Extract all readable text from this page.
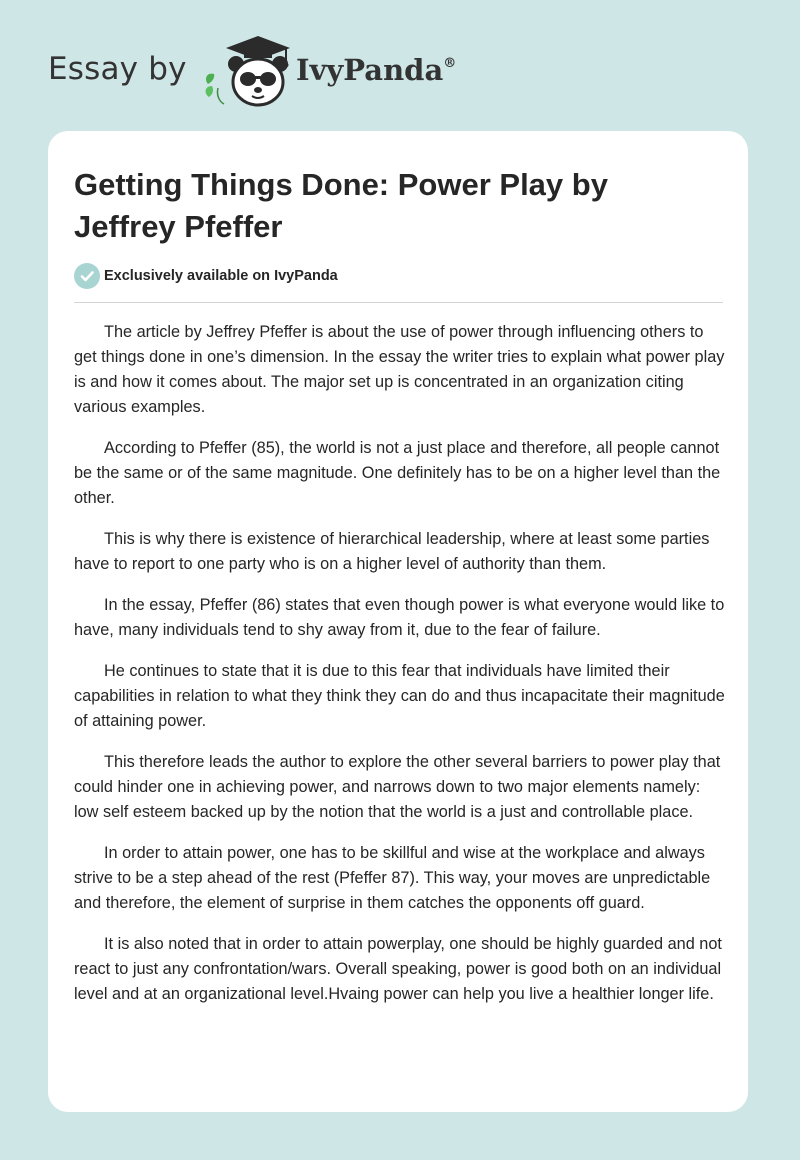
Essay by	IvyPanda®
Getting Things Done: Power Play by Jeffrey Pfeffer
Exclusively available on IvyPanda

The article by Jeffrey Pfeffer is about the use of power through influencing others to get things done in one’s dimension. In the essay the writer tries to explain what power play is and how it comes about. The major set up is concentrated in an organization citing various examples.

According to Pfeffer (85), the world is not a just place and therefore, all people cannot be the same or of the same magnitude. One definitely has to be on a higher level than the other.

This is why there is existence of hierarchical leadership, where at least some parties have to report to one party who is on a higher level of authority than them.

In the essay, Pfeffer (86) states that even though power is what everyone would like to have, many individuals tend to shy away from it, due to the fear of failure.

He continues to state that it is due to this fear that individuals have limited their capabilities in relation to what they think they can do and thus incapacitate their magnitude of attaining power.

This therefore leads the author to explore the other several barriers to power play that could hinder one in achieving power, and narrows down to two major elements namely: low self esteem backed up by the notion that the world is a just and controllable place.

In order to attain power, one has to be skillful and wise at the workplace and always strive to be a step ahead of the rest (Pfeffer 87). This way, your moves are unpredictable and therefore, the element of surprise in them catches the opponents off guard.

It is also noted that in order to attain powerplay, one should be highly guarded and not react to just any confrontation/wars. Overall speaking, power is good both on an individual level and at an organizational level.Hvaing power can help you live a healthier longer life.
